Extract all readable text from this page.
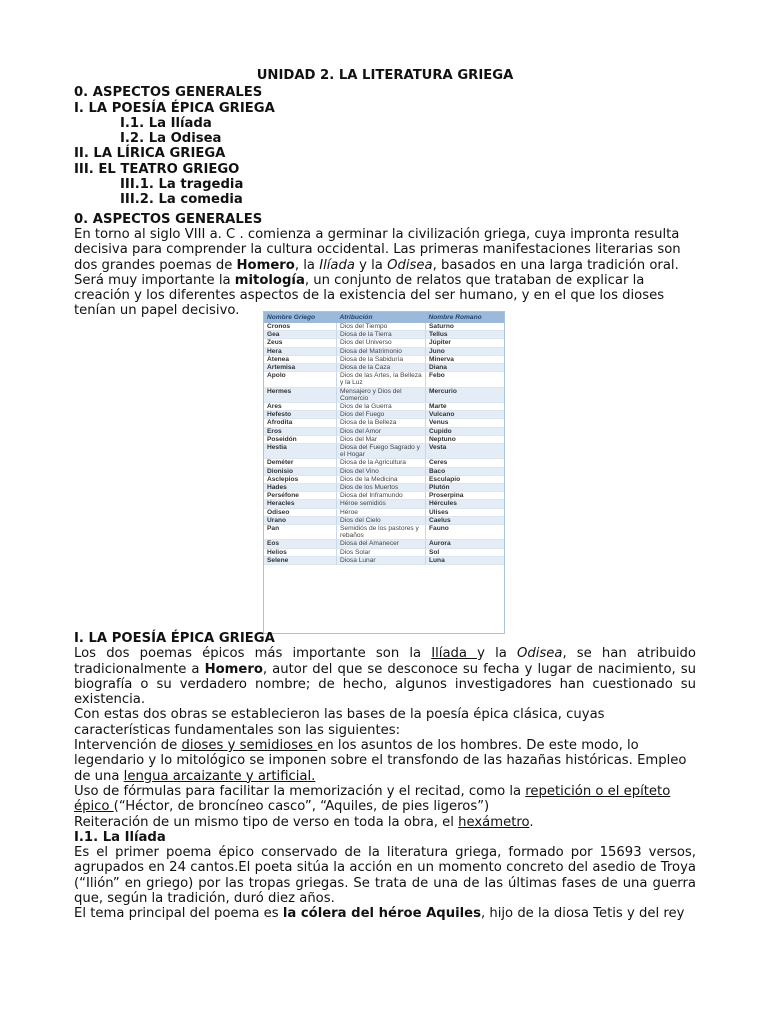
UNIDAD 2. LA LITERATURA GRIEGA

0. ASPECTOS GENERALES

I. LA POESÍA ÉPICA GRIEGA

I.1. La Ilíada

I.2. La Odisea

II. LA LÍRICA GRIEGA

III. EL TEATRO GRIEGO

III.1. La tragedia

III.2. La comedia

0. ASPECTOS GENERALES

En torno al siglo VIII a. C . comienza a germinar la civilización griega, cuya impronta resulta decisiva para comprender la cultura occidental. Las primeras manifestaciones literarias son dos grandes poemas de Homero, la Ilíada y la Odisea, basados en una larga tradición oral. Será muy importante la mitología, un conjunto de relatos que trataban de explicar la creación y los diferentes aspectos de la existencia del ser humano, y en el que los dioses tenían un papel decisivo.	Nombre Griego	Atribución	Nombre Romano
Cronos	Dios del Tiempo	Saturno
Gea	Diosa de la Tierra	Tellus
Zeus	Dios del Universo	Júpiter
Hera	Diosa del Matrimonio	Juno
Atenea	Diosa de la Sabiduría	Minerva
Artemisa	Diosa de la Caza	Diana
Apolo	Dios de las Artes, la Belleza y la Luz	Febo
Hermes	Mensajero y Dios del Comercio	Mercurio
Ares	Dios de la Guerra	Marte
Hefesto	Dios del Fuego	Vulcano
Afrodita	Diosa de la Belleza	Venus
Eros	Dios del Amor	Cupido
Poseidón	Dios del Mar	Neptuno
Hestia	Diosa del Fuego Sagrado y el Hogar	Vesta
Deméter	Diosa de la Agricultura	Ceres
Dionisio	Dios del Vino	Baco
Asclepios	Dios de la Medicina	Esculapio
Hades	Dios de los Muertos	Plutón
Perséfone	Diosa del Inframundo	Proserpina
Heracles	Héroe semidiós	Hércules
Odiseo	Héroe	Ulises
Urano	Dios del Cielo	Caelus
Pan	Semidiós de los pastores y rebaños	Fauno
Eos	Diosa del Amanecer	Aurora
Helios	Dios Solar	Sol
Selene	Diosa Lunar	Luna

I. LA POESÍA ÉPICA GRIEGA

Los dos poemas épicos más importante son la Ilíada y la Odisea, se han atribuido tradicionalmente a Homero, autor del que se desconoce su fecha y lugar de nacimiento, su biografía o su verdadero nombre; de hecho, algunos investigadores han cuestionado su existencia.

Con estas dos obras se establecieron las bases de la poesía épica clásica, cuyas características fundamentales son las siguientes:

Intervención de dioses y semidioses en los asuntos de los hombres. De este modo, lo legendario y lo mitológico se imponen sobre el transfondo de las hazañas históricas. Empleo de una lengua arcaizante y artificial.

Uso de fórmulas para facilitar la memorización y el recitad, como la repetición o el epíteto épico (“Héctor, de broncíneo casco”, “Aquiles, de pies ligeros”)

Reiteración de un mismo tipo de verso en toda la obra, el hexámetro.

I.1. La Ilíada

Es el primer poema épico conservado de la literatura griega, formado por 15693 versos, agrupados en 24 cantos.El poeta sitúa la acción en un momento concreto del asedio de Troya (“Ilión” en griego) por las tropas griegas. Se trata de una de las últimas fases de una guerra que, según la tradición, duró diez años.

El tema principal del poema es la cólera del héroe Aquiles, hijo de la diosa Tetis y del rey
